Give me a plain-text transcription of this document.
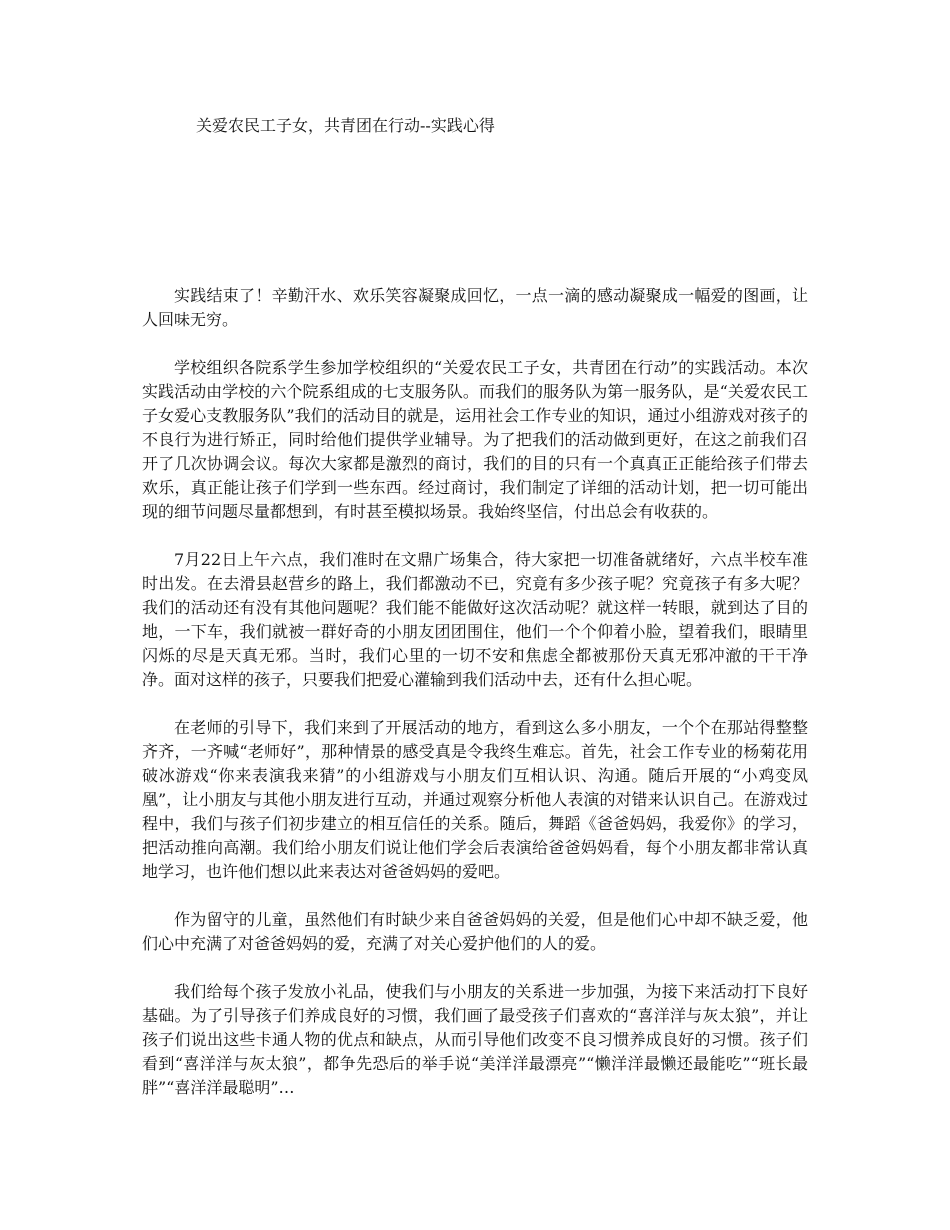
关爱农民工子女，共青团在行动--实践心得

实践结束了！辛勤汗水、欢乐笑容凝聚成回忆，一点一滴的感动凝聚成一幅爱的图画，让人回味无穷。

学校组织各院系学生参加学校组织的“关爱农民工子女，共青团在行动”的实践活动。本次实践活动由学校的六个院系组成的七支服务队。而我们的服务队为第一服务队，是“关爱农民工子女爱心支教服务队”我们的活动目的就是，运用社会工作专业的知识，通过小组游戏对孩子的不良行为进行矫正，同时给他们提供学业辅导。为了把我们的活动做到更好，在这之前我们召开了几次协调会议。每次大家都是激烈的商讨，我们的目的只有一个真真正正能给孩子们带去欢乐，真正能让孩子们学到一些东西。经过商讨，我们制定了详细的活动计划，把一切可能出现的细节问题尽量都想到，有时甚至模拟场景。我始终坚信，付出总会有收获的。

7月22日上午六点，我们准时在文鼎广场集合，待大家把一切准备就绪好，六点半校车准时出发。在去滑县赵营乡的路上，我们都激动不已，究竟有多少孩子呢？究竟孩子有多大呢？我们的活动还有没有其他问题呢？我们能不能做好这次活动呢？就这样一转眼，就到达了目的地，一下车，我们就被一群好奇的小朋友团团围住，他们一个个仰着小脸，望着我们，眼睛里闪烁的尽是天真无邪。当时，我们心里的一切不安和焦虑全都被那份天真无邪冲澈的干干净净。面对这样的孩子，只要我们把爱心灌输到我们活动中去，还有什么担心呢。

在老师的引导下，我们来到了开展活动的地方，看到这么多小朋友，一个个在那站得整整齐齐，一齐喊“老师好”，那种情景的感受真是令我终生难忘。首先，社会工作专业的杨菊花用破冰游戏“你来表演我来猜”的小组游戏与小朋友们互相认识、沟通。随后开展的“小鸡变凤凰”，让小朋友与其他小朋友进行互动，并通过观察分析他人表演的对错来认识自己。在游戏过程中，我们与孩子们初步建立的相互信任的关系。随后，舞蹈《爸爸妈妈，我爱你》的学习，把活动推向高潮。我们给小朋友们说让他们学会后表演给爸爸妈妈看，每个小朋友都非常认真地学习，也许他们想以此来表达对爸爸妈妈的爱吧。

作为留守的儿童，虽然他们有时缺少来自爸爸妈妈的关爱，但是他们心中却不缺乏爱，他们心中充满了对爸爸妈妈的爱，充满了对关心爱护他们的人的爱。

我们给每个孩子发放小礼品，使我们与小朋友的关系进一步加强，为接下来活动打下良好基础。为了引导孩子们养成良好的习惯，我们画了最受孩子们喜欢的“喜洋洋与灰太狼”，并让孩子们说出这些卡通人物的优点和缺点，从而引导他们改变不良习惯养成良好的习惯。孩子们看到“喜洋洋与灰太狼”，都争先恐后的举手说“美洋洋最漂亮”“懒洋洋最懒还最能吃”“班长最胖”“喜洋洋最聪明”…
